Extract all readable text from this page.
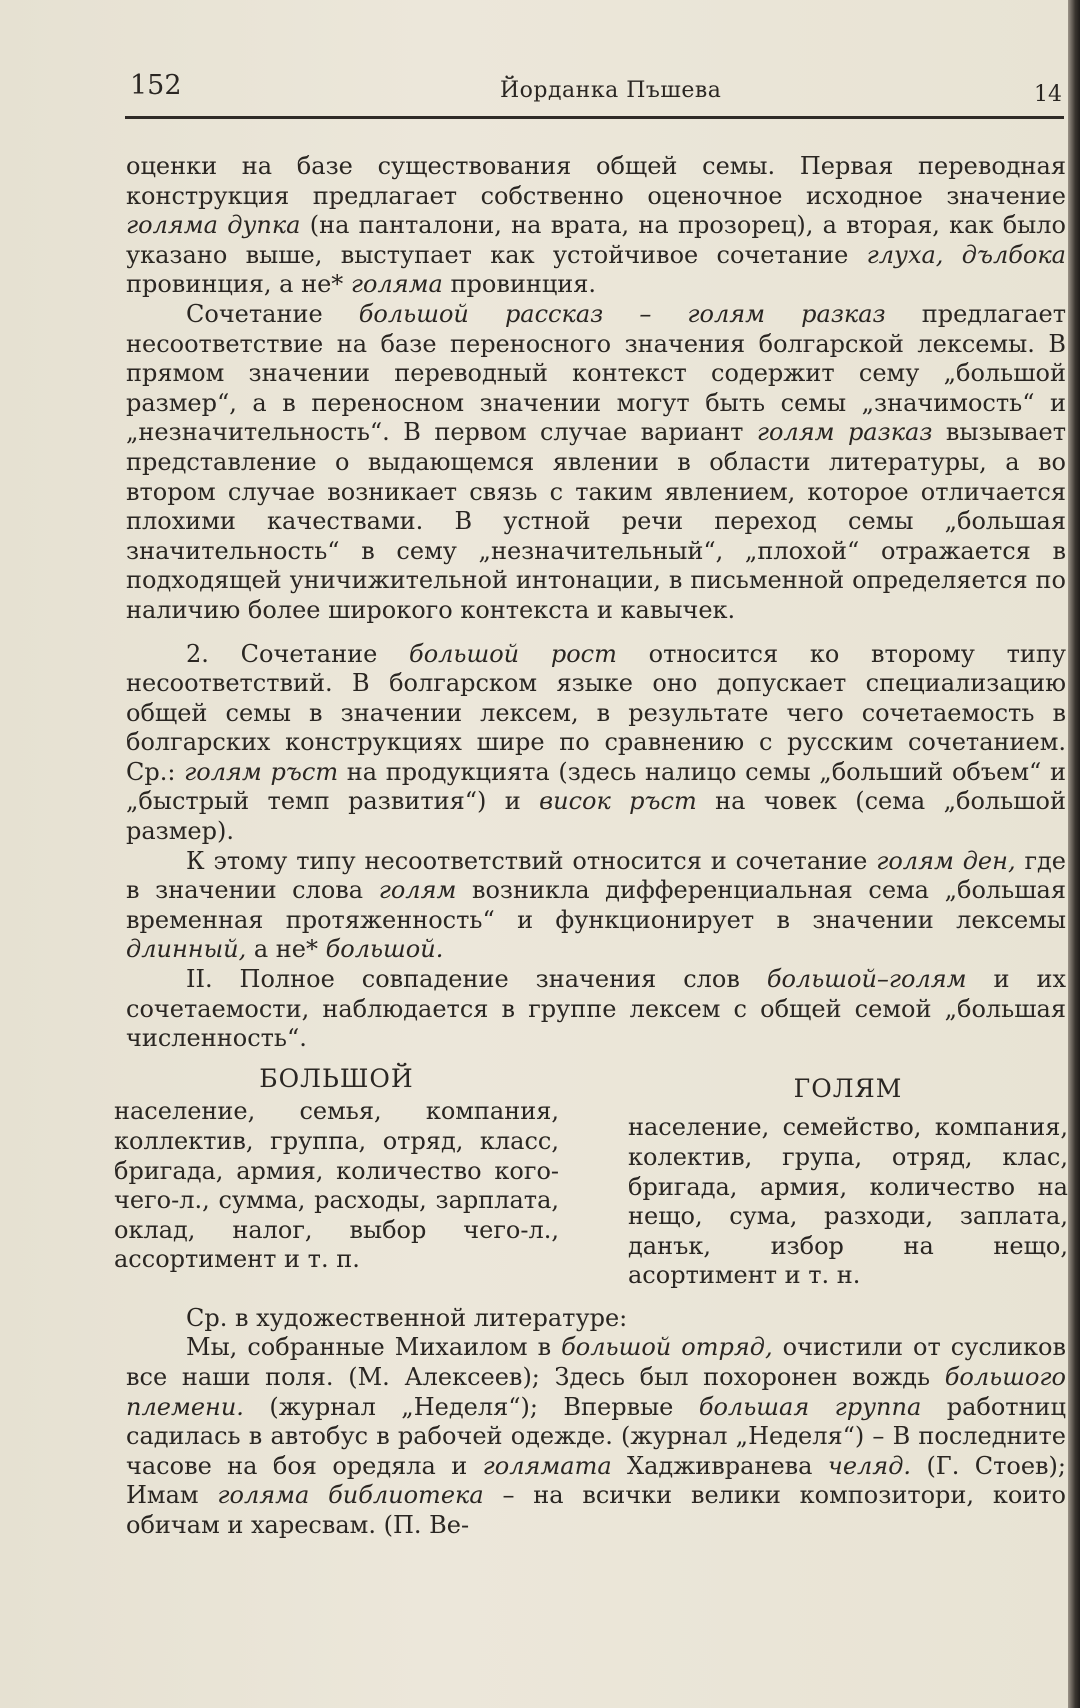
152	Йорданка Пъшева	14

оценки на базе существования общей семы. Первая переводная конструкция предлагает собственно оценочное исходное значение голяма дупка (на панталони, на врата, на прозорец), а вторая, как было указано выше, выступает как устойчивое сочетание глуха, дълбока провинция, а не* голяма провинция.

Сочетание большой рассказ – голям разказ предлагает несоответствие на базе переносного значения болгарской лексемы. В прямом значении переводный контекст содержит сему „большой размер“, а в переносном значении могут быть семы „значимость“ и „незначительность“. В первом случае вариант голям разказ вызывает представление о выдающемся явлении в области литературы, а во втором случае возникает связь с таким явлением, которое отличается плохими качествами. В устной речи переход семы „большая значительность“ в сему „незначительный“, „плохой“ отражается в подходящей уничижительной интонации, в письменной определяется по наличию более широкого контекста и кавычек.

2. Сочетание большой рост относится ко второму типу несоответствий. В болгарском языке оно допускает специализацию общей семы в значении лексем, в результате чего сочетаемость в болгарских конструкциях шире по сравнению с русским сочетанием. Ср.: голям ръст на продукцията (здесь налицо семы „больший объем“ и „быстрый темп развития“) и висок ръст на човек (сема „большой размер).

К этому типу несоответствий относится и сочетание голям ден, где в значении слова голям возникла дифференциальная сема „большая временная протяженность“ и функционирует в значении лексемы длинный, а не* большой.

II. Полное совпадение значения слов большой–голям и их сочетаемости, наблюдается в группе лексем с общей семой „большая численность“.

БОЛЬШОЙ
население, семья, компания, коллектив, группа, отряд, класс, бригада, армия, количество кого-чего-л., сумма, расходы, зарплата, оклад, налог, выбор чего-л., ассортимент и т. п.
ГОЛЯМ
население, семейство, компания, колектив, група, отряд, клас, бригада, армия, количество на нещо, сума, разходи, заплата, данък, избор на нещо, асортимент и т. н.

Ср. в художественной литературе:

Мы, собранные Михаилом в большой отряд, очистили от сусликов все наши поля. (М. Алексеев); Здесь был похоронен вождь большого племени. (журнал „Неделя“); Впервые большая группа работниц садилась в автобус в рабочей одежде. (журнал „Неделя“) – В последните часове на боя оредяла и голямата Хадживранева челяд. (Г. Стоев); Имам голяма библиотека – на всички велики композитори, които обичам и харесвам. (П. Ве-
